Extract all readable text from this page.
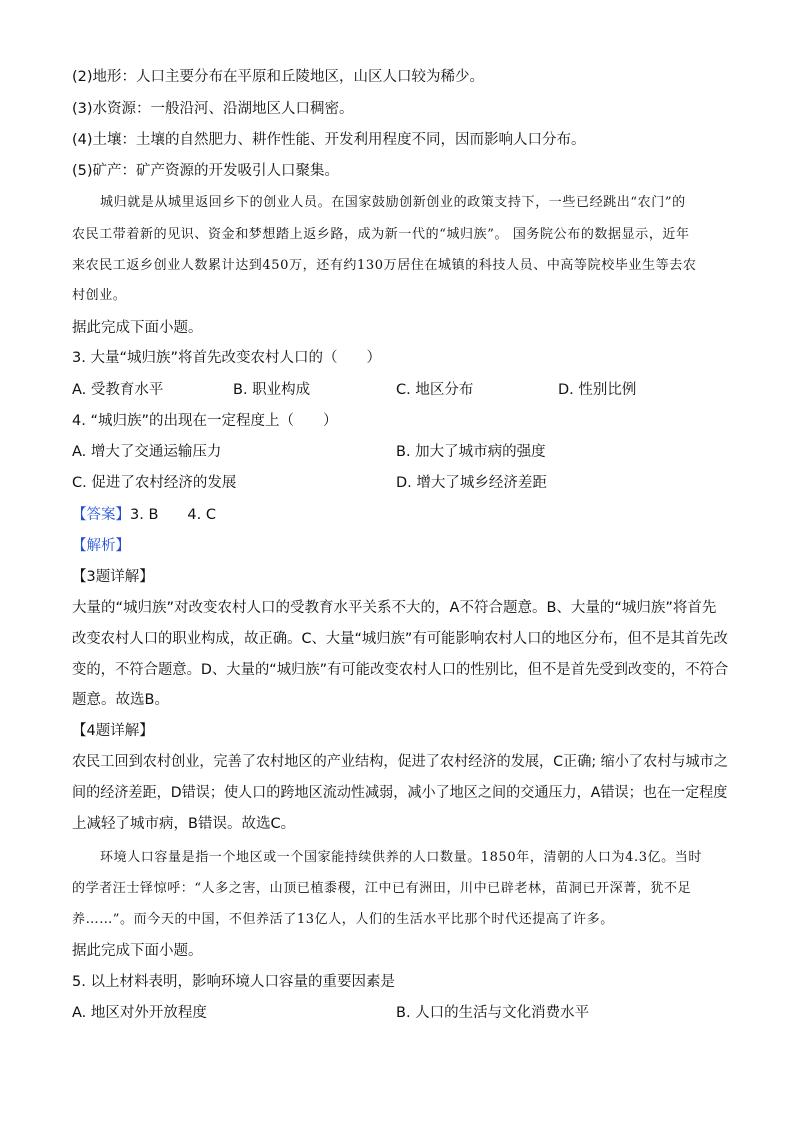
(2)地形：人口主要分布在平原和丘陵地区，山区人口较为稀少。
(3)水资源：一般沿河、沿湖地区人口稠密。
(4)土壤：土壤的自然肥力、耕作性能、开发利用程度不同，因而影响人口分布。
(5)矿产：矿产资源的开发吸引人口聚集。
城归就是从城里返回乡下的创业人员。在国家鼓励创新创业的政策支持下，一些已经跳出“农门”的
农民工带着新的见识、资金和梦想踏上返乡路，成为新一代的“城归族”。 国务院公布的数据显示，近年
来农民工返乡创业人数累计达到450万，还有约130万居住在城镇的科技人员、中高等院校毕业生等去农
村创业。
据此完成下面小题。
3. 大量“城归族”将首先改变农村人口的（　　）
A. 受教育水平	B. 职业构成	C. 地区分布	D. 性别比例
4. “城归族”的出现在一定程度上（　　）
A. 增大了交通运输压力	B. 加大了城市病的强度
C. 促进了农村经济的发展	D. 增大了城乡经济差距
【答案】3. B　　4. C
【解析】
【3题详解】
大量的“城归族”对改变农村人口的受教育水平关系不大的，A不符合题意。B、大量的“城归族”将首先
改变农村人口的职业构成，故正确。C、大量“城归族”有可能影响农村人口的地区分布，但不是其首先改
变的，不符合题意。D、大量的“城归族”有可能改变农村人口的性别比，但不是首先受到改变的，不符合
题意。故选B。
【4题详解】
农民工回到农村创业，完善了农村地区的产业结构，促进了农村经济的发展，C正确; 缩小了农村与城市之
间的经济差距，D错误；使人口的跨地区流动性减弱，减小了地区之间的交通压力，A错误；也在一定程度
上减轻了城市病，B错误。故选C。
环境人口容量是指一个地区或一个国家能持续供养的人口数量。1850年，清朝的人口为4.3亿。当时
的学者汪士铎惊呼：“人多之害，山顶已植黍稷，江中已有洲田，川中已辟老林，苗洞已开深菁，犹不足
养……”。而今天的中国，不但养活了13亿人，人们的生活水平比那个时代还提高了许多。
据此完成下面小题。
5. 以上材料表明，影响环境人口容量的重要因素是
A. 地区对外开放程度	B. 人口的生活与文化消费水平
